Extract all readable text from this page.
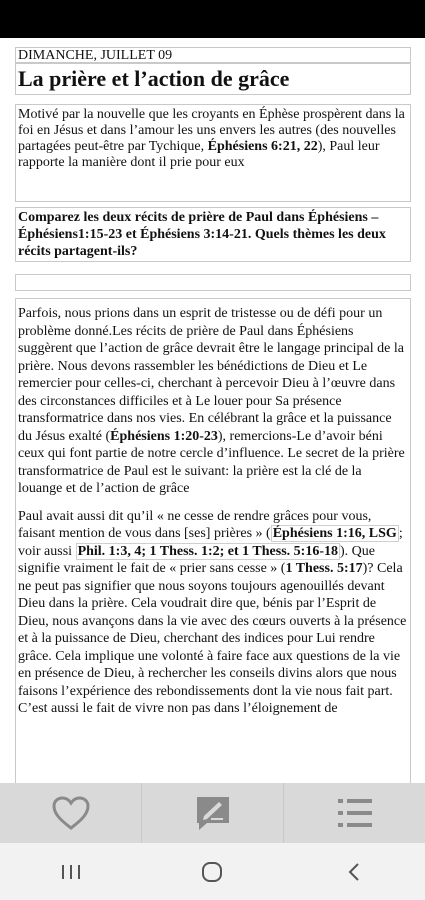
DIMANCHE, JUILLET 09
La prière et l’action de grâce
Motivé par la nouvelle que les croyants en Éphèse prospèrent dans la foi en Jésus et dans l’amour les uns envers les autres (des nouvelles partagées peut-être par Tychique, Éphésiens 6:21, 22), Paul leur rapporte la manière dont il prie pour eux
Comparez les deux récits de prière de Paul dans Éphésiens – Éphésiens1:15-23 et Éphésiens 3:14-21. Quels thèmes les deux récits partagent-ils?

Parfois, nous prions dans un esprit de tristesse ou de défi pour un problème donné.Les récits de prière de Paul dans Éphésiens suggèrent que l’action de grâce devrait être le langage principal de la prière. Nous devons rassembler les bénédictions de Dieu et Le remercier pour celles-ci, cherchant à percevoir Dieu à l’œuvre dans des circonstances difficiles et à Le louer pour Sa présence transformatrice dans nos vies. En célébrant la grâce et la puissance du Jésus exalté (Éphésiens 1:20-23), remercions-Le d’avoir béni ceux qui font partie de notre cercle d’influence. Le secret de la prière transformatrice de Paul est le suivant: la prière est la clé de la louange et de l’action de grâce

Paul avait aussi dit qu’il « ne cesse de rendre grâces pour vous, faisant mention de vous dans [ses] prières » ( Éphésiens 1:16, LSG ; voir aussi Phil. 1:3, 4; 1 Thess. 1:2; et 1 Thess. 5:16-18 ). Que signifie vraiment le fait de « prier sans cesse » (1 Thess. 5:17)? Cela ne peut pas signifier que nous soyons toujours agenouillés devant Dieu dans la prière. Cela voudrait dire que, bénis par l’Esprit de Dieu, nous avançons dans la vie avec des cœurs ouverts à la présence et à la puissance de Dieu, cherchant des indices pour Lui rendre grâce. Cela implique une volonté à faire face aux questions de la vie en présence de Dieu, à rechercher les conseils divins alors que nous faisons l’expérience des rebondissements dont la vie nous fait part. C’est aussi le fait de vivre non pas dans l’éloignement de
